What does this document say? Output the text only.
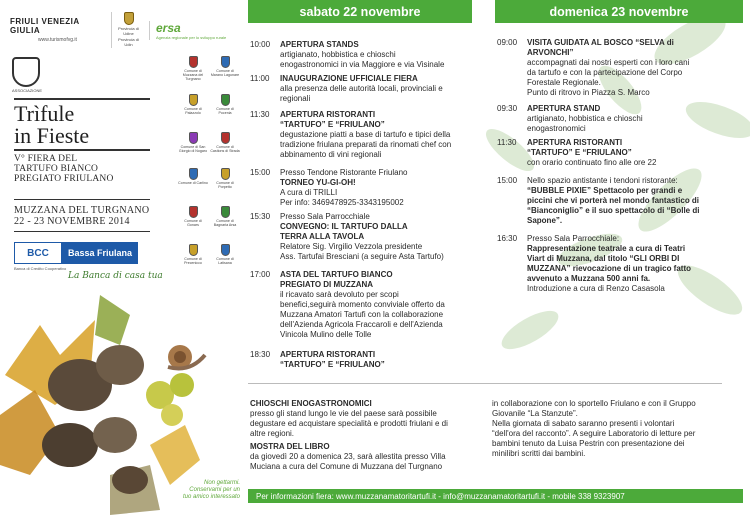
FRIULI VENEZIA GIULIA
www.turismofvg.it
Provincia di Udine
Provincia di Udin
ersa
Agenzia regionale per lo sviluppo rurale
ASSOCIAZIONE
Trìfule
in Fieste
V° FIERA DEL
TARTUFO BIANCO
PREGIATO FRIULANO
MUZZANA DEL TURGNANO
22 - 23 NOVEMBRE 2014
BCC	Bassa Friulana
Banca di Credito Cooperativo
La Banca di casa tua
Comune di Muzzana del Turgnano
Comune di Marano Lagunare
Comune di Palazzolo
Comune di Pocenia
Comune di San Giorgio di Nogaro
Comune di Castions di Strada
Comune di Carlino	Comune di Porpetto
Comune di Gonars
Comune di Bagnaria Arsa
Comune di Precenicco
Comune di Latisana
Non gettarmi.
Conservami per un
tuo amico interessato
sabato 22 novembre	domenica 23 novembre
10:00	APERTURA STANDS
artigianato, hobbistica e chioschi
enogastronomici in via Maggiore e via Visinale
11:00	INAUGURAZIONE UFFICIALE FIERA
alla presenza delle autorità locali, provinciali e
regionali
11:30	APERTURA RISTORANTI
“TARTUFO” E “FRIULANO”
degustazione piatti a base di tartufo e tipici della
tradizione friulana preparati da rinomati chef con
abbinamento di vini regionali
15:00	Presso Tendone Ristorante Friulano
TORNEO YU-GI-OH!
A cura di TRILLI
Per info: 3469478925-3343195002
15:30	Presso Sala Parrocchiale
CONVEGNO: IL TARTUFO DALLA
TERRA ALLA TAVOLA
Relatore Sig. Virgilio Vezzola presidente
Ass. Tartufai Bresciani (a seguire Asta Tartufo)
17:00	ASTA DEL TARTUFO BIANCO
PREGIATO DI MUZZANA
il ricavato sarà devoluto per scopi
benefici,seguirà momento conviviale offerto da
Muzzana Amatori Tartufi con la collaborazione
dell'Azienda Agricola Fraccaroli e dell'Azienda
Vinicola Mulino delle Tolle
18:30	APERTURA RISTORANTI
“TARTUFO” E “FRIULANO”
09:00	VISITA GUIDATA AL BOSCO “SELVA di
ARVONCHI”
accompagnati dai nostri esperti con i loro cani
da tartufo e con la partecipazione del Corpo
Forestale Regionale.
Punto di ritrovo in Piazza S. Marco
09:30	APERTURA STAND
artigianato, hobbistica e chioschi
enogastronomici
11:30	APERTURA RISTORANTI
“TARTUFO” E “FRIULANO”
con orario continuato fino alle ore 22
15:00	Nello spazio antistante i tendoni ristorante:
“BUBBLE PIXIE” Spettacolo per grandi e
piccini che vi porterà nel mondo fantastico di
“Bianconiglio” e il suo spettacolo di “Bolle di
Sapone”.
16:30	Presso Sala Parrocchiale:
Rappresentazione teatrale a cura di Teatri
Viart di Muzzana, dal titolo “GLI ORBI DI
MUZZANA” rievocazione di un tragico fatto
avvenuto a Muzzana 500 anni fa.
Introduzione a cura di Renzo Casasola
CHIOSCHI ENOGASTRONOMICI
presso gli stand lungo le vie del paese sarà possibile
degustare ed acquistare specialità e prodotti friulani e di
altre regioni.
MOSTRA DEL LIBRO
da giovedì 20 a domenica 23, sarà allestita presso Villa
Muciana a cura del Comune di Muzzana del Turgnano
in collaborazione con lo sportello Friulano e con il Gruppo
Giovanile “La Stanzute”.
Nella giornata di sabato saranno presenti i volontari
“dell'ora del racconto”. A seguire Laboratorio di letture per
bambini tenuto da Luisa Pestrin con presentazione dei
minilibri scritti dai bambini.
Per informazioni fiera: www.muzzanamatoritartufi.it - info@muzzanamatoritartufi.it - mobile 338 9323907
